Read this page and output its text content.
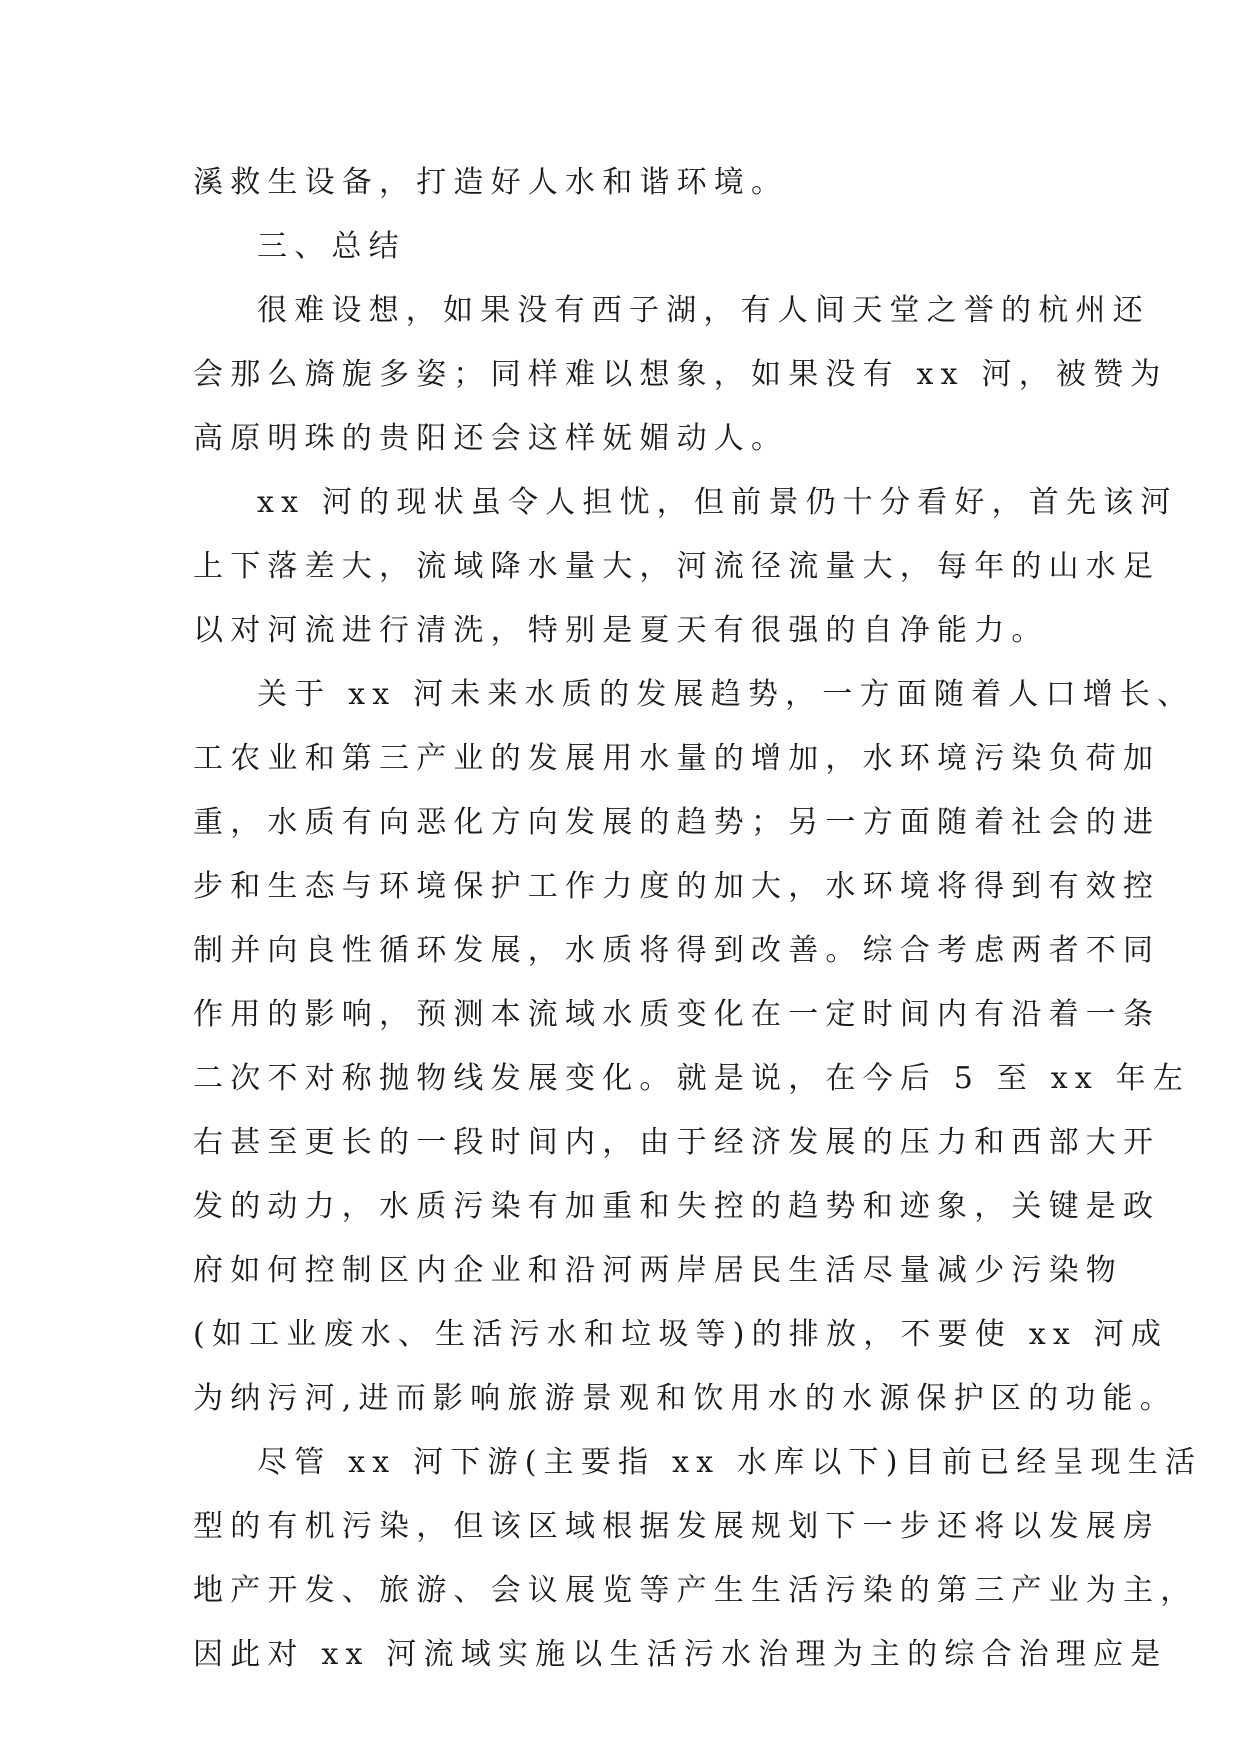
溪救生设备，打造好人水和谐环境。
三、总结
很难设想，如果没有西子湖，有人间天堂之誉的杭州还
会那么旖旎多姿；同样难以想象，如果没有 xx 河，被赞为
高原明珠的贵阳还会这样妩媚动人。
xx 河的现状虽令人担忧，但前景仍十分看好，首先该河
上下落差大，流域降水量大，河流径流量大，每年的山水足
以对河流进行清洗，特别是夏天有很强的自净能力。
关于 xx 河未来水质的发展趋势，一方面随着人口增长、
工农业和第三产业的发展用水量的增加，水环境污染负荷加
重，水质有向恶化方向发展的趋势；另一方面随着社会的进
步和生态与环境保护工作力度的加大，水环境将得到有效控
制并向良性循环发展，水质将得到改善。综合考虑两者不同
作用的影响，预测本流域水质变化在一定时间内有沿着一条
二次不对称抛物线发展变化。就是说，在今后 5 至 xx 年左
右甚至更长的一段时间内，由于经济发展的压力和西部大开
发的动力，水质污染有加重和失控的趋势和迹象，关键是政
府如何控制区内企业和沿河两岸居民生活尽量减少污染物
(如工业废水、生活污水和垃圾等)的排放，不要使 xx 河成
为纳污河,进而影响旅游景观和饮用水的水源保护区的功能。
尽管 xx 河下游(主要指 xx 水库以下)目前已经呈现生活
型的有机污染，但该区域根据发展规划下一步还将以发展房
地产开发、旅游、会议展览等产生生活污染的第三产业为主，
因此对 xx 河流域实施以生活污水治理为主的综合治理应是
